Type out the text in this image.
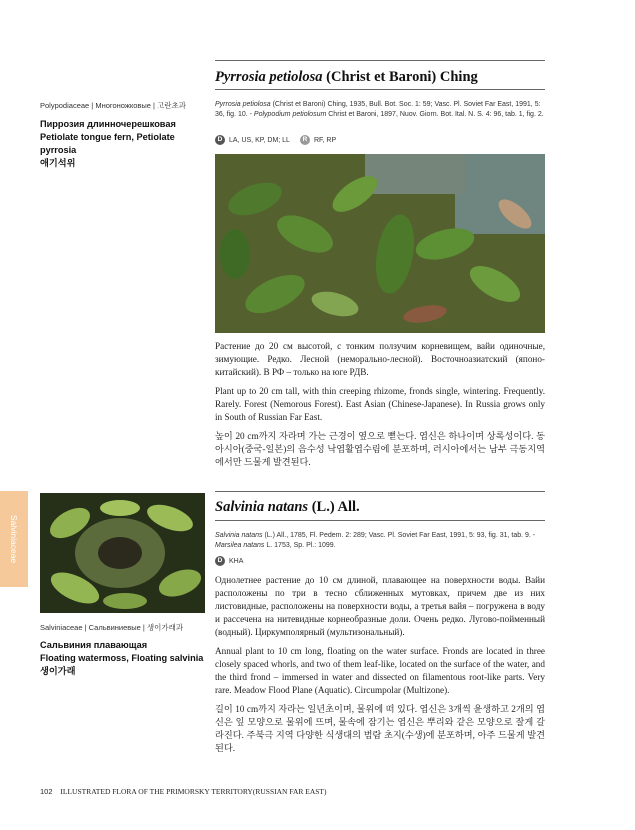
Pyrrosia petiolosa (Christ et Baroni) Ching
Polypodiaceae | Многоножковые | 고란초과
Пиррозия длинночерешковая
Petiolate tongue fern, Petiolate pyrrosia
애기석위
Pyrrosia petiolosa (Christ et Baroni) Ching, 1935, Bull. Bot. Soc. 1: 59; Vasc. Pl. Soviet Far East, 1991, 5: 36, fig. 10. - Polypodium petiolosum Christ et Baroni, 1897, Nuov. Giorn. Bot. Ital. N. S. 4: 96, tab. 1, fig. 2.
D LA, US, KP, DM; LL	R RF, RP

Растение до 20 см высотой, с тонким ползучим корневищем, вайи одиночные, зимующие. Редко. Лесной (неморально-лесной). Восточноазиатский (японо-китайский). В РФ – только на юге РДВ.

Plant up to 20 cm tall, with thin creeping rhizome, fronds single, wintering. Frequently. Rarely. Forest (Nemorous Forest). East Asian (Chinese-Japanese). In Russia grows only in South of Russian Far East.

높이 20 cm까지 자라며 가는 근경이 옆으로 뻗는다. 엽신은 하나이며 상록성이다. 동아시아(중국-일본)의 음수성 낙엽활엽수림에 분포하며, 러시아에서는 남부 극동지역에서만 드물게 발견된다.

Salvinia natans (L.) All.
Salviniaceae
Salviniaceae | Сальвиниевые | 생이가래과
Сальвиния плавающая
Floating watermoss, Floating salvinia
생이가래
Salvinia natans (L.) All., 1785, Fl. Pedem. 2: 289; Vasc. Pl. Soviet Far East, 1991, 5: 93, fig. 31, tab. 9. - Marsilea natans L. 1753, Sp. Pl.: 1099.
D KHA

Однолетнее растение до 10 см длиной, плавающее на поверхности воды. Вайи расположены по три в тесно сближенных мутовках, причем две из них листовидные, расположены на поверхности воды, а третья вайя – погружена в воду и рассечена на нитевидные корнеобразные доли. Очень редко. Лугово-пойменный (водный). Циркумполярный (мультизональный).

Annual plant to 10 cm long, floating on the water surface. Fronds are located in three closely spaced whorls, and two of them leaf-like, located on the surface of the water, and the third frond – immersed in water and dissected on filamentous root-like parts. Very rare. Meadow Flood Plane (Aquatic). Circumpolar (Multizone).

길이 10 cm까지 자라는 일년초이며, 물위에 떠 있다. 엽신은 3개씩 윤생하고 2개의 엽신은 잎 모양으로 물위에 뜨며, 물속에 잠기는 엽신은 뿌리와 같은 모양으로 잘게 갈라진다. 주북극 지역 다양한 식생대의 범람 초지(수생)에 분포하며, 아주 드물게 발견된다.

102 ILLUSTRATED FLORA OF THE PRIMORSKY TERRITORY(RUSSIAN FAR EAST)
